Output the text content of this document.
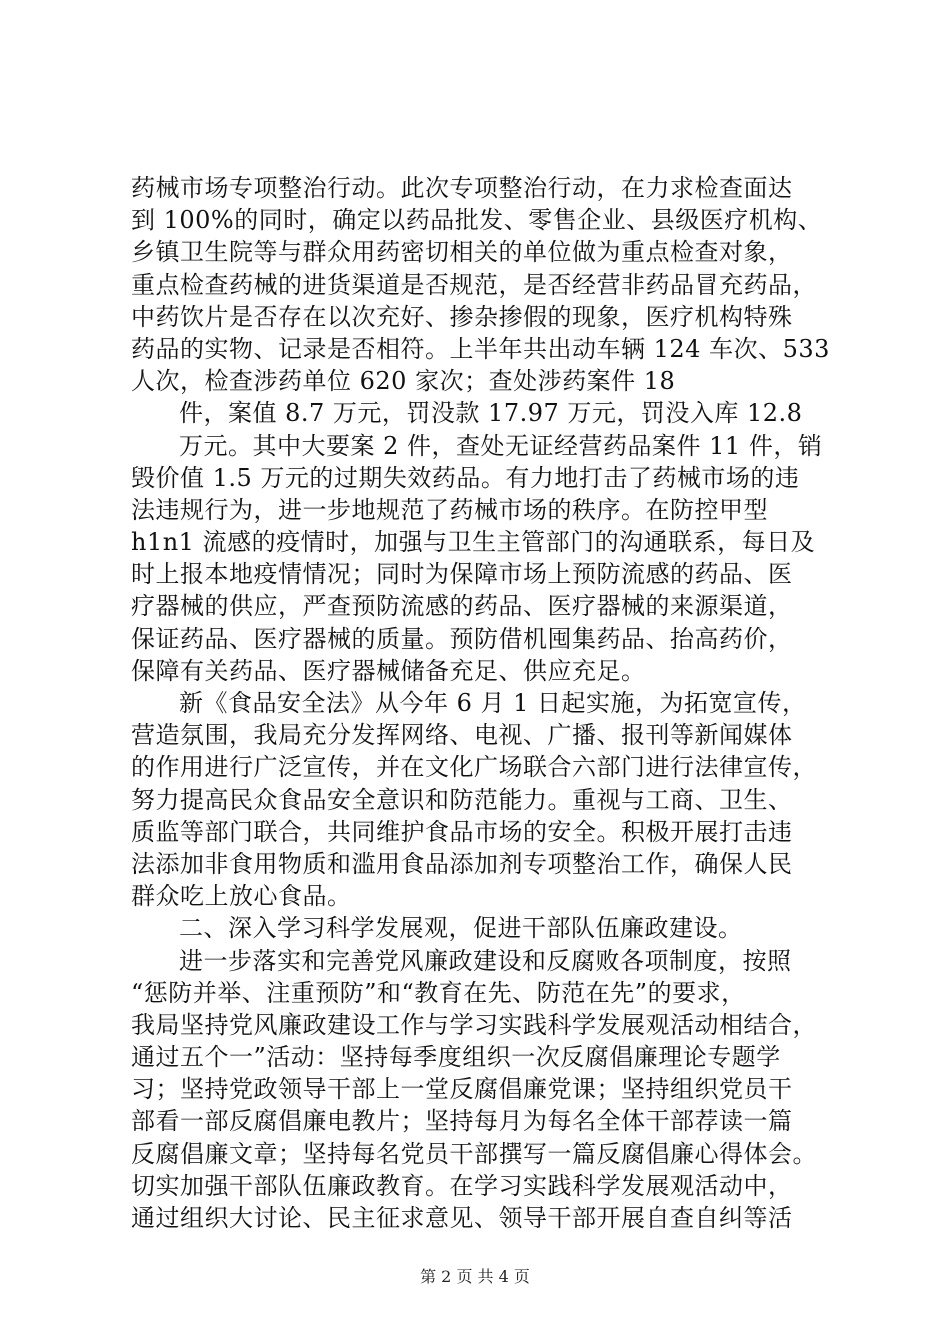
药械市场专项整治行动。此次专项整治行动，在力求检查面达
到 100%的同时，确定以药品批发、零售企业、县级医疗机构、
乡镇卫生院等与群众用药密切相关的单位做为重点检查对象，
重点检查药械的进货渠道是否规范，是否经营非药品冒充药品，
中药饮片是否存在以次充好、掺杂掺假的现象，医疗机构特殊
药品的实物、记录是否相符。上半年共出动车辆 124 车次、533
人次，检查涉药单位 620 家次；查处涉药案件 18
件，案值 8.7 万元，罚没款 17.97 万元，罚没入库 12.8
万元。其中大要案 2 件，查处无证经营药品案件 11 件，销
毁价值 1.5 万元的过期失效药品。有力地打击了药械市场的违
法违规行为，进一步地规范了药械市场的秩序。在防控甲型
h1n1 流感的疫情时，加强与卫生主管部门的沟通联系，每日及
时上报本地疫情情况；同时为保障市场上预防流感的药品、医
疗器械的供应，严查预防流感的药品、医疗器械的来源渠道，
保证药品、医疗器械的质量。预防借机囤集药品、抬高药价，
保障有关药品、医疗器械储备充足、供应充足。
新《食品安全法》从今年 6 月 1 日起实施，为拓宽宣传，
营造氛围，我局充分发挥网络、电视、广播、报刊等新闻媒体
的作用进行广泛宣传，并在文化广场联合六部门进行法律宣传，
努力提高民众食品安全意识和防范能力。重视与工商、卫生、
质监等部门联合，共同维护食品市场的安全。积极开展打击违
法添加非食用物质和滥用食品添加剂专项整治工作，确保人民
群众吃上放心食品。
二、深入学习科学发展观，促进干部队伍廉政建设。
进一步落实和完善党风廉政建设和反腐败各项制度，按照
“惩防并举、注重预防”和“教育在先、防范在先”的要求，
我局坚持党风廉政建设工作与学习实践科学发展观活动相结合，
通过五个一”活动：坚持每季度组织一次反腐倡廉理论专题学
习；坚持党政领导干部上一堂反腐倡廉党课；坚持组织党员干
部看一部反腐倡廉电教片；坚持每月为每名全体干部荐读一篇
反腐倡廉文章；坚持每名党员干部撰写一篇反腐倡廉心得体会。
切实加强干部队伍廉政教育。在学习实践科学发展观活动中，
通过组织大讨论、民主征求意见、领导干部开展自查自纠等活
第 2 页 共 4 页
